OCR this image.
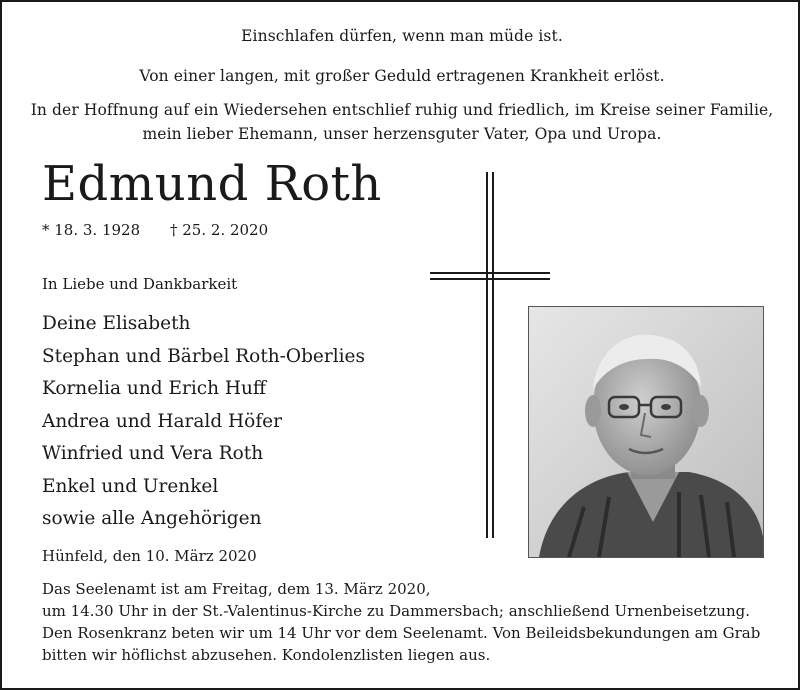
Einschlafen dürfen, wenn man müde ist.
Von einer langen, mit großer Geduld ertragenen Krankheit erlöst.
In der Hoffnung auf ein Wiedersehen entschlief ruhig und friedlich, im Kreise seiner Familie,
mein lieber Ehemann, unser herzensguter Vater, Opa und Uropa.
Edmund Roth
* 18. 3. 1928 † 25. 2. 2020
In Liebe und Dankbarkeit
Deine Elisabeth
Stephan und Bärbel Roth-Oberlies
Kornelia und Erich Huff
Andrea und Harald Höfer
Winfried und Vera Roth
Enkel und Urenkel
sowie alle Angehörigen
Hünfeld, den 10. März 2020
Das Seelenamt ist am Freitag, dem 13. März 2020,
um 14.30 Uhr in der St.-Valentinus-Kirche zu Dammersbach; anschließend Urnenbeisetzung.
Den Rosenkranz beten wir um 14 Uhr vor dem Seelenamt. Von Beileidsbekundungen am Grab
bitten wir höflichst abzusehen. Kondolenzlisten liegen aus.
